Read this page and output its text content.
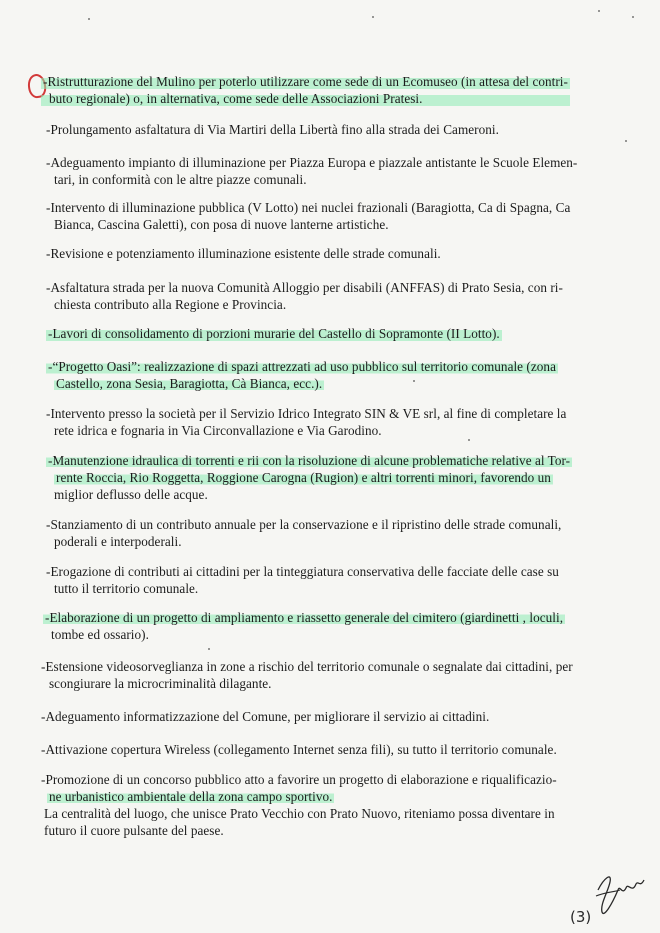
-Ristrutturazione del Mulino per poterlo utilizzare come sede di un Ecomuseo (in attesa del contri-
buto regionale) o, in alternativa, come sede delle Associazioni Pratesi.
-Prolungamento asfaltatura di Via Martiri della Libertà fino alla strada dei Cameroni.
-Adeguamento impianto di illuminazione per Piazza Europa e piazzale antistante le Scuole Elemen-
tari, in conformità con le altre piazze comunali.
-Intervento di illuminazione pubblica (V Lotto) nei nuclei frazionali (Baragiotta, Ca di Spagna, Ca
Bianca, Cascina Galetti), con posa di nuove lanterne artistiche.
-Revisione e potenziamento illuminazione esistente delle strade comunali.
-Asfaltatura strada per la nuova Comunità Alloggio per disabili (ANFFAS) di Prato Sesia, con ri-
chiesta contributo alla Regione e Provincia.
-Lavori di consolidamento di porzioni murarie del Castello di Sopramonte (II Lotto).
-“Progetto Oasi”: realizzazione di spazi attrezzati ad uso pubblico sul territorio comunale (zona
Castello, zona Sesia, Baragiotta, Cà Bianca, ecc.).
-Intervento presso la società per il Servizio Idrico Integrato SIN & VE srl, al fine di completare la
rete idrica e fognaria in Via Circonvallazione e Via Garodino.
-Manutenzione idraulica di torrenti e rii con la risoluzione di alcune problematiche relative al Tor-
rente Roccia, Rio Roggetta, Roggione Carogna (Rugion) e altri torrenti minori, favorendo un
miglior deflusso delle acque.
-Stanziamento di un contributo annuale per la conservazione e il ripristino delle strade comunali,
poderali e interpoderali.
-Erogazione di contributi ai cittadini per la tinteggiatura conservativa delle facciate delle case su
tutto il territorio comunale.
-Elaborazione di un progetto di ampliamento e riassetto generale del cimitero (giardinetti , loculi,
tombe ed ossario).
-Estensione videosorveglianza in zone a rischio del territorio comunale o segnalate dai cittadini, per
scongiurare la microcriminalità dilagante.
-Adeguamento informatizzazione del Comune, per migliorare il servizio ai cittadini.
-Attivazione copertura Wireless (collegamento Internet senza fili), su tutto il territorio comunale.
-Promozione di un concorso pubblico atto a favorire un progetto di elaborazione e riqualificazio-
ne urbanistico ambientale della zona campo sportivo.
La centralità del luogo, che unisce Prato Vecchio con Prato Nuovo, riteniamo possa diventare in
futuro il cuore pulsante del paese.
(3)
